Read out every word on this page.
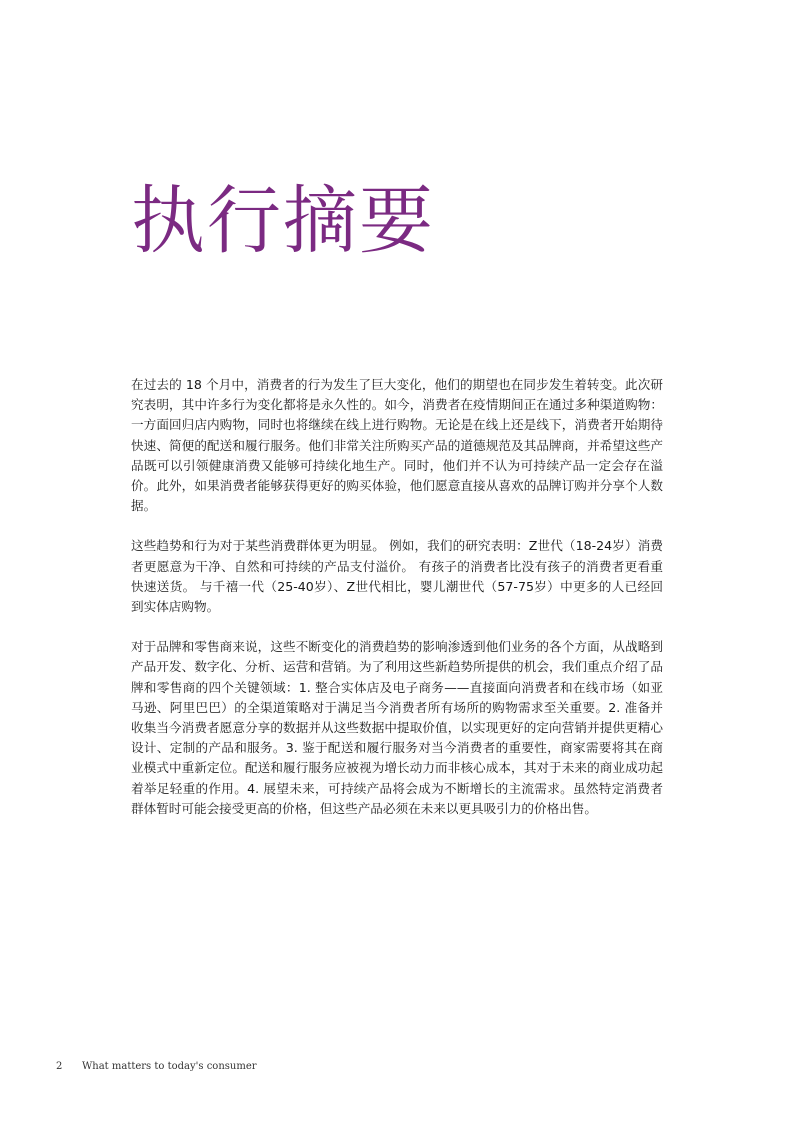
执行摘要

在过去的 18 个月中，消费者的行为发生了巨大变化，他们的期望也在同步发生着转变。此次研究表明，其中许多行为变化都将是永久性的。如今，消费者在疫情期间正在通过多种渠道购物：一方面回归店内购物，同时也将继续在线上进行购物。无论是在线上还是线下，消费者开始期待快速、简便的配送和履行服务。他们非常关注所购买产品的道德规范及其品牌商，并希望这些产品既可以引领健康消费又能够可持续化地生产。同时，他们并不认为可持续产品一定会存在溢价。此外，如果消费者能够获得更好的购买体验，他们愿意直接从喜欢的品牌订购并分享个人数据。

这些趋势和行为对于某些消费群体更为明显。 例如，我们的研究表明：Z世代（18-24岁）消费者更愿意为干净、自然和可持续的产品支付溢价。 有孩子的消费者比没有孩子的消费者更看重快速送货。 与千禧一代（25-40岁）、Z世代相比，婴儿潮世代（57-75岁）中更多的人已经回到实体店购物。

对于品牌和零售商来说，这些不断变化的消费趋势的影响渗透到他们业务的各个方面，从战略到产品开发、数字化、分析、运营和营销。为了利用这些新趋势所提供的机会，我们重点介绍了品牌和零售商的四个关键领域：1. 整合实体店及电子商务——直接面向消费者和在线市场（如亚马逊、阿里巴巴）的全渠道策略对于满足当今消费者所有场所的购物需求至关重要。2. 准备并收集当今消费者愿意分享的数据并从这些数据中提取价值，以实现更好的定向营销并提供更精心设计、定制的产品和服务。3. 鉴于配送和履行服务对当今消费者的重要性，商家需要将其在商业模式中重新定位。配送和履行服务应被视为增长动力而非核心成本，其对于未来的商业成功起着举足轻重的作用。4. 展望未来，可持续产品将会成为不断增长的主流需求。虽然特定消费者群体暂时可能会接受更高的价格，但这些产品必须在未来以更具吸引力的价格出售。

2 What matters to today's consumer
